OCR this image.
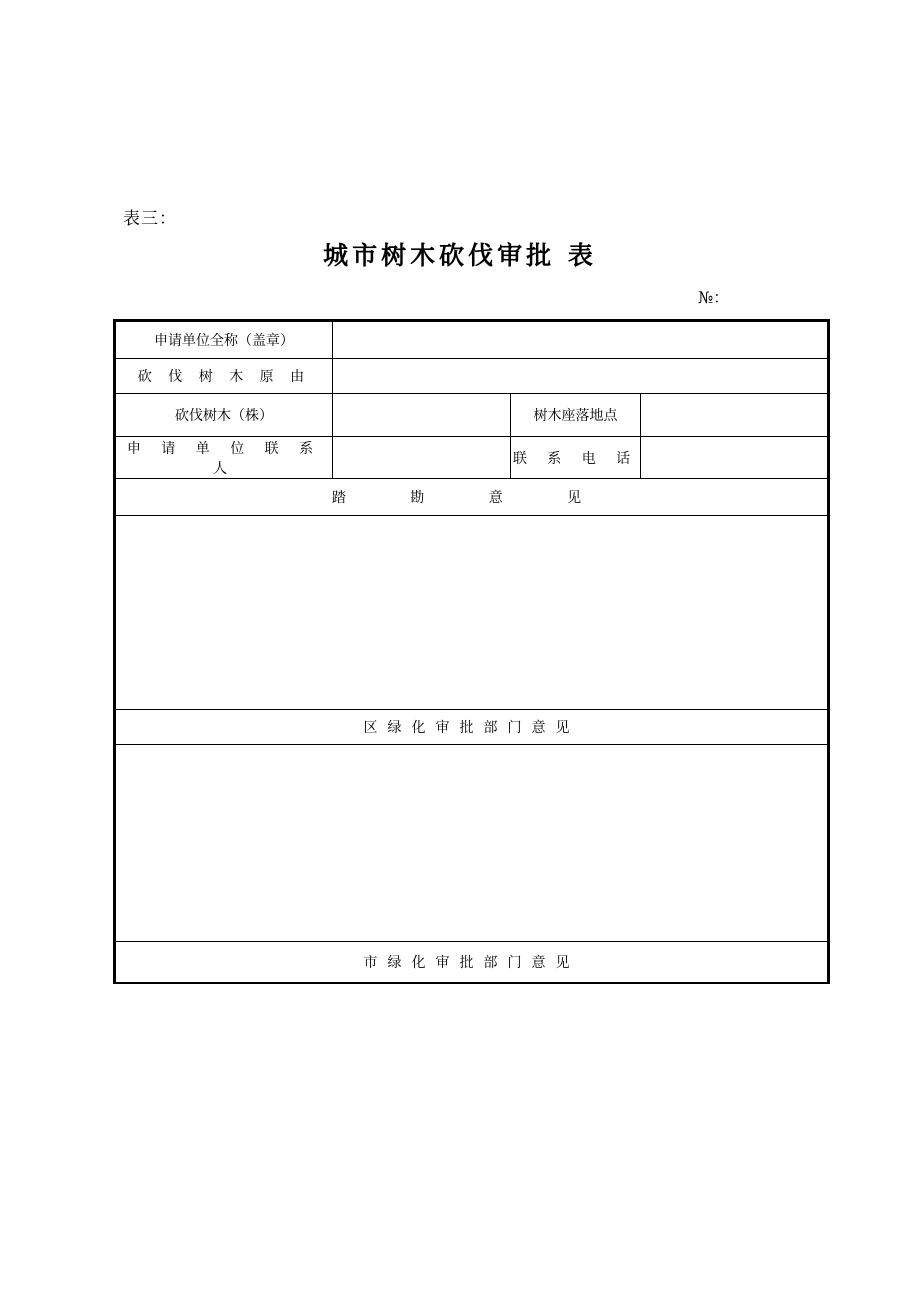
表三：
城市树木砍伐审批 表
№：
申请单位全称（盖章）			
砍 伐 树 木 原 由			
砍伐树木（株）		树木座落地点	
申 请 单 位 联 系 人		联 系 电 话	
踏 勘 意 见			

区绿化审批部门意见			

市绿化审批部门意见			
